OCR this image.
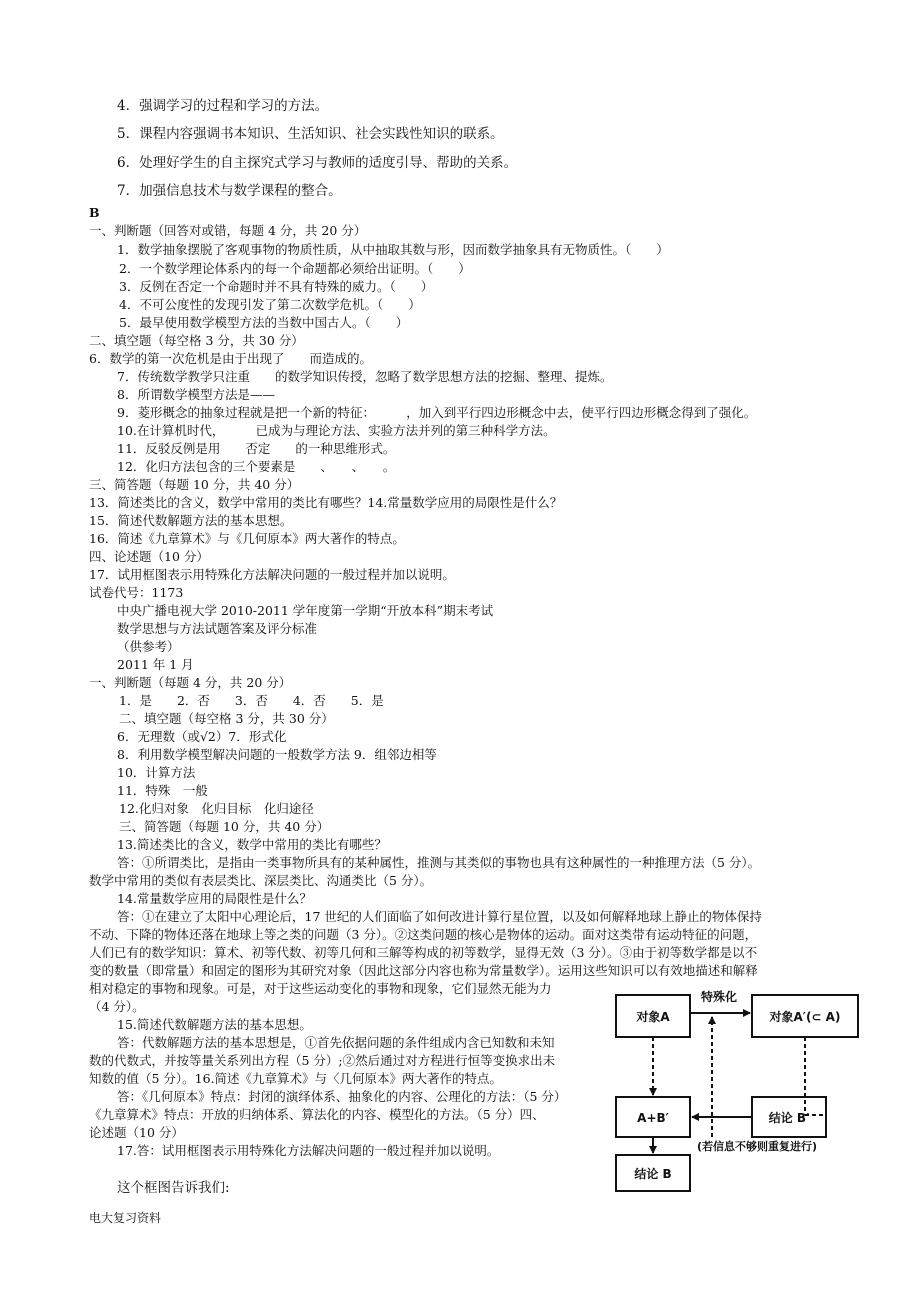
4．强调学习的过程和学习的方法。
5．课程内容强调书本知识、生活知识、社会实践性知识的联系。
6．处理好学生的自主探究式学习与教师的适度引导、帮助的关系。
7．加强信息技术与数学课程的整合。
B
一、判断题（回答对或错，每题 4 分，共 20 分）
1．数学抽象摆脱了客观事物的物质性质，从中抽取其数与形，因而数学抽象具有无物质性。（　　）
2．一个数学理论体系内的每一个命题都必须给出证明。（　　）
3．反例在否定一个命题时并不具有特殊的威力。（　　）
4．不可公度性的发现引发了第二次数学危机。（　　）
5．最早使用数学模型方法的当数中国古人。（　　）
二、填空题（每空格 3 分，共 30 分）
6．数学的第一次危机是由于出现了　　而造成的。
7．传统数学教学只注重　　的数学知识传授，忽略了数学思想方法的挖掘、整理、提炼。
8．所谓数学模型方法是——
9．菱形概念的抽象过程就是把一个新的特征：　　　，加入到平行四边形概念中去，使平行四边形概念得到了强化。
10.在计算机时代，　　　已成为与理论方法、实验方法并列的第三种科学方法。
11．反驳反例是用　　否定　　的一种思维形式。
12．化归方法包含的三个要素是　　、　　、　　。
三、简答题（每题 10 分，共 40 分）
13．简述类比的含义，数学中常用的类比有哪些？14.常量数学应用的局限性是什么？
15．简述代数解题方法的基本思想。
16．简述《九章算术》与《几何原本》两大著作的特点。
四、论述题（10 分）
17．试用框图表示用特殊化方法解决问题的一般过程并加以说明。
试卷代号：1173
中央广播电视大学 2010-2011 学年度第一学期“开放本科”期末考试
数学思想与方法试题答案及评分标准
（供参考）
2011 年 1 月
一、判断题（每题 4 分，共 20 分）
1．是　　2．否　　3．否　　4．否　　5．是
二、填空题（每空格 3 分，共 30 分）
6．无理数（或√2）7．形式化
8．利用数学模型解决问题的一般数学方法 9．组邻边相等
10．计算方法
11．特殊　一般
12.化归对象　化归目标　化归途径
三、简答题（每题 10 分，共 40 分）
13.简述类比的含义，数学中常用的类比有哪些？
答：①所谓类比，是指由一类事物所具有的某种属性，推测与其类似的事物也具有这种属性的一种推理方法（5 分）。
数学中常用的类似有表层类比、深层类比、沟通类比（5 分）。
14.常量数学应用的局限性是什么？
答：①在建立了太阳中心理论后，17 世纪的人们面临了如何改进计算行星位置，以及如何解释地球上静止的物体保持
不动、下降的物体还落在地球上等之类的问题（3 分）。②这类问题的核心是物体的运动。面对这类带有运动特征的问题，
人们已有的数学知识：算术、初等代数、初等几何和三解等构成的初等数学，显得无效（3 分）。③由于初等数学都是以不
变的数量（即常量）和固定的图形为其研究对象（因此这部分内容也称为常量数学）。运用这些知识可以有效地描述和解释
相对稳定的事物和现象。可是，对于这些运动变化的事物和现象，它们显然无能为力
（4 分）。
15.简述代数解题方法的基本思想。
答：代数解题方法的基本思想是，①首先依据问题的条件组成内含已知数和未知
数的代数式，并按等量关系列出方程（5 分）;②然后通过对方程进行恒等变换求出未
知数的值（5 分）。16.简述《九章算术》与〈几何原本》两大著作的特点。
答：《几何原本》特点：封闭的演绎体系、抽象化的内容、公理化的方法：（5 分）
《九章算术》特点：开放的归纳体系、算法化的内容、模型化的方法。（5 分）四、
论述题（10 分）
17.答：试用框图表示用特殊化方法解决问题的一般过程并加以说明。
这个框图告诉我们:
电大复习资料
对象A	对象A′(⊂ A)
A+B′	结论 B′
结论 B
特殊化
(若信息不够则重复进行)
